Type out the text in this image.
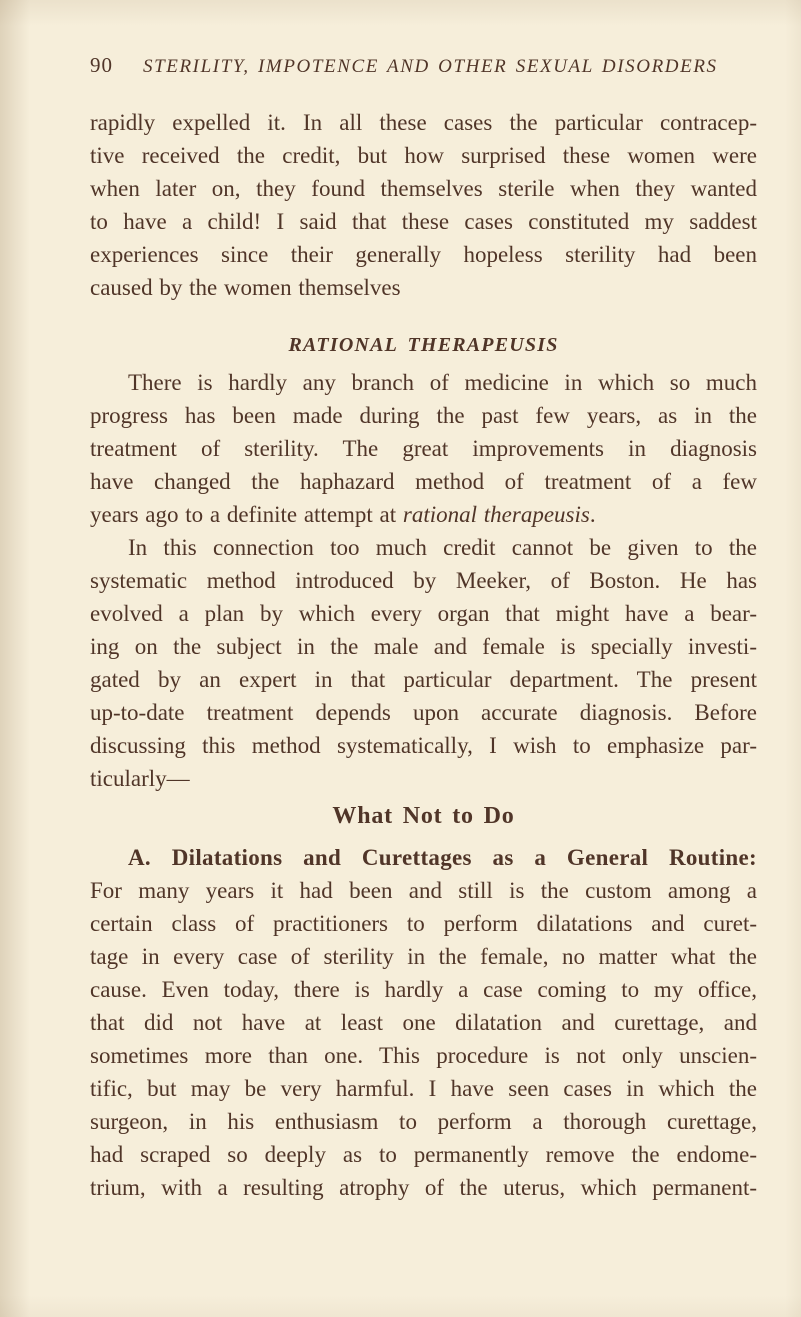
90 STERILITY, IMPOTENCE AND OTHER SEXUAL DISORDERS
rapidly expelled it. In all these cases the particular contracep-
tive received the credit, but how surprised these women were
when later on, they found themselves sterile when they wanted
to have a child! I said that these cases constituted my saddest
experiences since their generally hopeless sterility had been
caused by the women themselves
RATIONAL THERAPEUSIS
There is hardly any branch of medicine in which so much
progress has been made during the past few years, as in the
treatment of sterility. The great improvements in diagnosis
have changed the haphazard method of treatment of a few
years ago to a definite attempt at rational therapeusis.
In this connection too much credit cannot be given to the
systematic method introduced by Meeker, of Boston. He has
evolved a plan by which every organ that might have a bear-
ing on the subject in the male and female is specially investi-
gated by an expert in that particular department. The present
up-to-date treatment depends upon accurate diagnosis. Before
discussing this method systematically, I wish to emphasize par-
ticularly—
What Not to Do
A. Dilatations and Curettages as a General Routine:
For many years it had been and still is the custom among a
certain class of practitioners to perform dilatations and curet-
tage in every case of sterility in the female, no matter what the
cause. Even today, there is hardly a case coming to my office,
that did not have at least one dilatation and curettage, and
sometimes more than one. This procedure is not only unscien-
tific, but may be very harmful. I have seen cases in which the
surgeon, in his enthusiasm to perform a thorough curettage,
had scraped so deeply as to permanently remove the endome-
trium, with a resulting atrophy of the uterus, which permanent-
